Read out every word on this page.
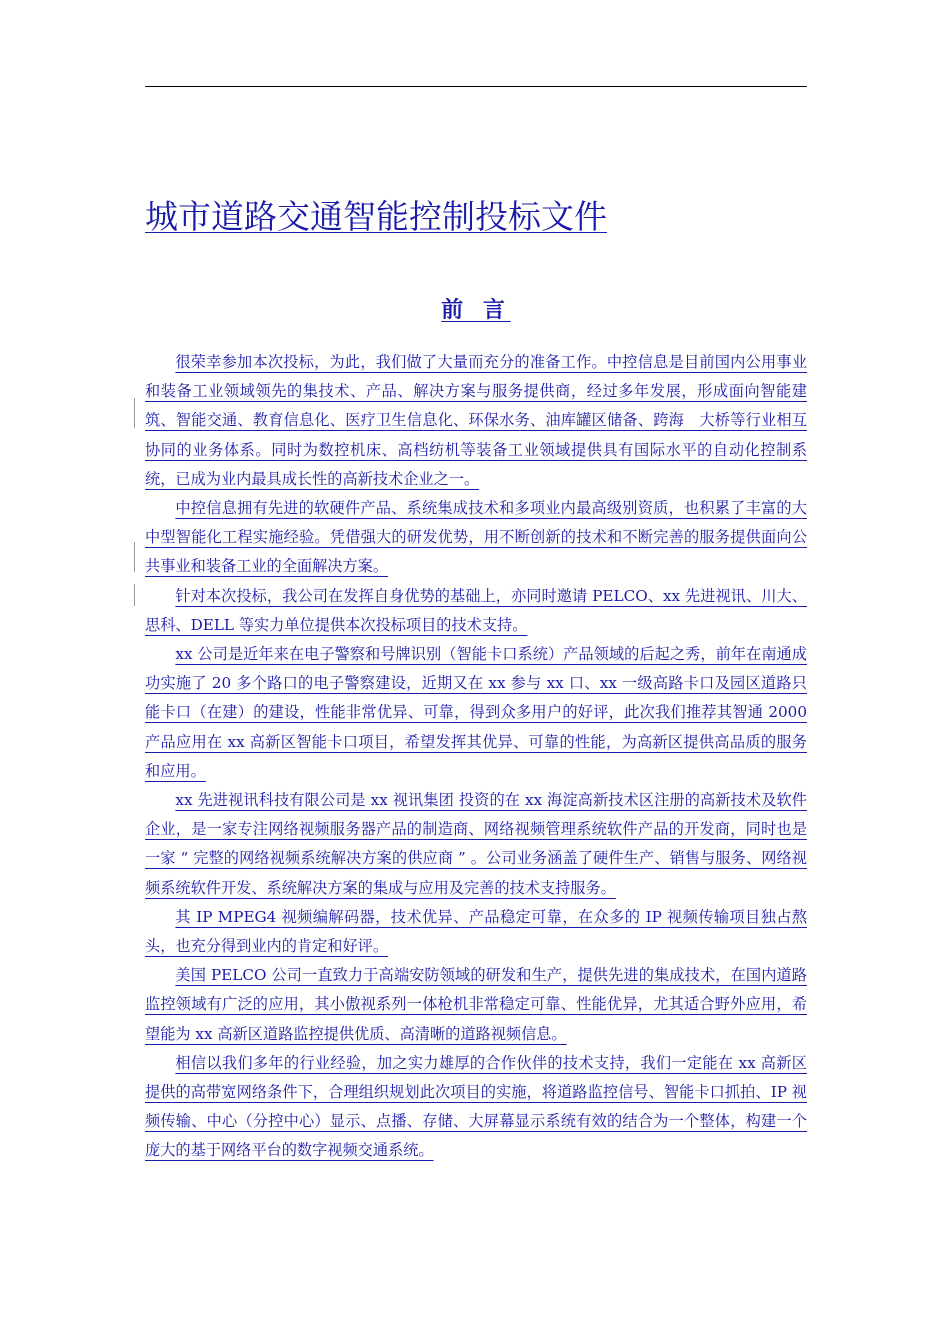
城市道路交通智能控制投标文件
前 言

很荣幸参加本次投标，为此，我们做了大量而充分的准备工作。中控信息是目前国内公用事业和装备工业领域领先的集技术、产品、解决方案与服务提供商，经过多年发展，形成面向智能建筑、智能交通、教育信息化、医疗卫生信息化、环保水务、油库罐区储备、跨海　大桥等行业相互协同的业务体系。同时为数控机床、高档纺机等装备工业领域提供具有国际水平的自动化控制系统，已成为业内最具成长性的高新技术企业之一。

中控信息拥有先进的软硬件产品、系统集成技术和多项业内最高级别资质，也积累了丰富的大中型智能化工程实施经验。凭借强大的研发优势，用不断创新的技术和不断完善的服务提供面向公共事业和装备工业的全面解决方案。

针对本次投标，我公司在发挥自身优势的基础上，亦同时邀请 PELCO、xx 先进视讯、川大、思科、DELL 等实力单位提供本次投标项目的技术支持。

xx 公司是近年来在电子警察和号牌识别（智能卡口系统）产品领域的后起之秀，前年在南通成功实施了 20 多个路口的电子警察建设，近期又在 xx 参与 xx 口、xx 一级高路卡口及园区道路只能卡口（在建）的建设，性能非常优异、可靠，得到众多用户的好评，此次我们推荐其智通 2000 产品应用在 xx 高新区智能卡口项目，希望发挥其优异、可靠的性能，为高新区提供高品质的服务和应用。

xx 先进视讯科技有限公司是 xx 视讯集团 投资的在 xx 海淀高新技术区注册的高新技术及软件企业，是一家专注网络视频服务器产品的制造商、网络视频管理系统软件产品的开发商，同时也是一家 “ 完整的网络视频系统解决方案的供应商 ” 。公司业务涵盖了硬件生产、销售与服务、网络视频系统软件开发、系统解决方案的集成与应用及完善的技术支持服务。

其 IP MPEG4 视频编解码器，技术优异、产品稳定可靠，在众多的 IP 视频传输项目独占熬头，也充分得到业内的肯定和好评。

美国 PELCO 公司一直致力于高端安防领域的研发和生产，提供先进的集成技术，在国内道路监控领域有广泛的应用，其小傲视系列一体枪机非常稳定可靠、性能优异，尤其适合野外应用，希望能为 xx 高新区道路监控提供优质、高清晰的道路视频信息。

相信以我们多年的行业经验，加之实力雄厚的合作伙伴的技术支持，我们一定能在 xx 高新区提供的高带宽网络条件下，合理组织规划此次项目的实施，将道路监控信号、智能卡口抓拍、IP 视频传输、中心（分控中心）显示、点播、存储、大屏幕显示系统有效的结合为一个整体，构建一个庞大的基于网络平台的数字视频交通系统。
